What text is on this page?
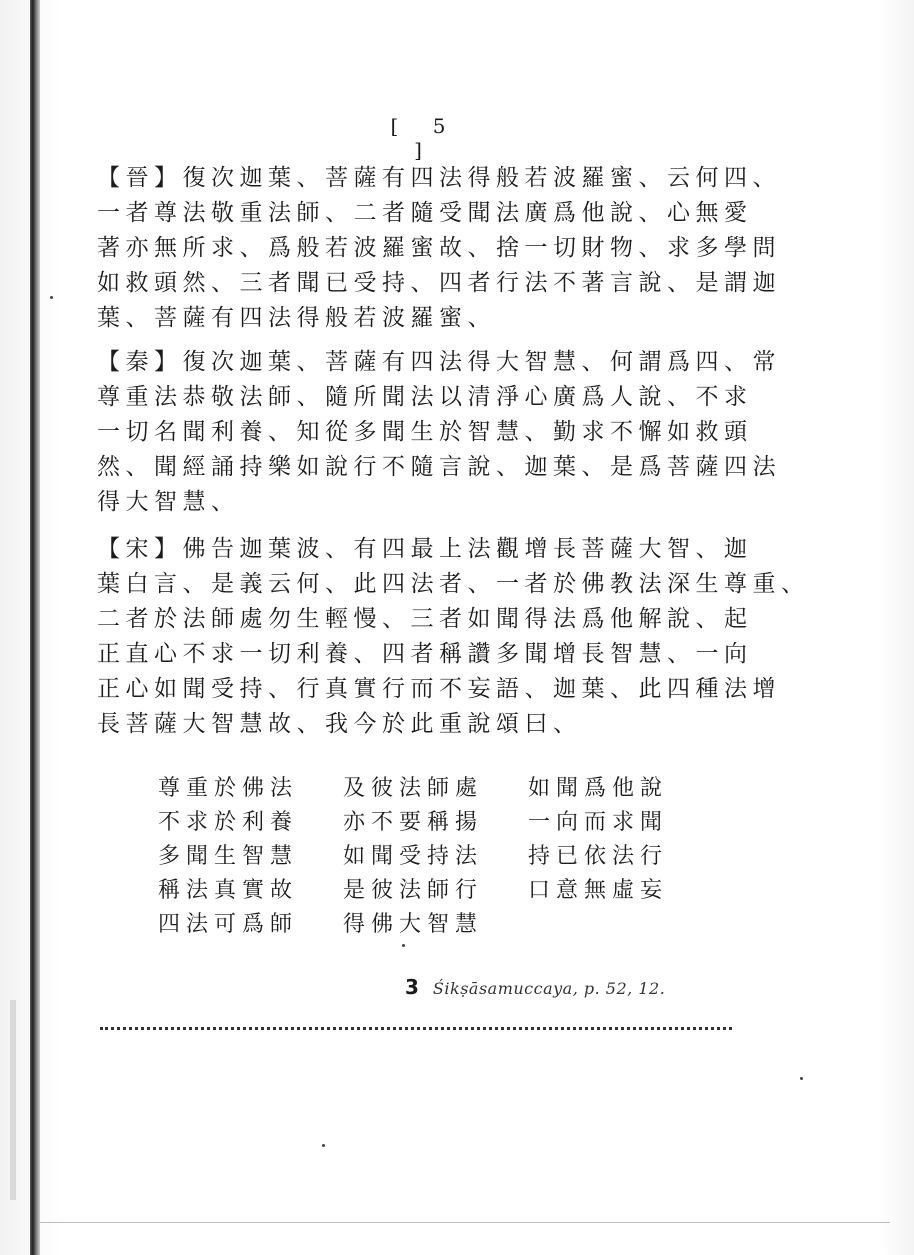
[ 5 ]
【晉】復次迦葉、菩薩有四法得般若波羅蜜、云何四、
一者尊法敬重法師、二者隨受聞法廣爲他說、心無愛
著亦無所求、爲般若波羅蜜故、捨一切財物、求多學問
如救頭然、三者聞已受持、四者行法不著言說、是謂迦
葉、菩薩有四法得般若波羅蜜、
【秦】復次迦葉、菩薩有四法得大智慧、何謂爲四、常
尊重法恭敬法師、隨所聞法以清淨心廣爲人說、不求
一切名聞利養、知從多聞生於智慧、勤求不懈如救頭
然、聞經誦持樂如說行不隨言說、迦葉、是爲菩薩四法
得大智慧、
【宋】佛告迦葉波、有四最上法觀增長菩薩大智、迦
葉白言、是義云何、此四法者、一者於佛教法深生尊重、
二者於法師處勿生輕慢、三者如聞得法爲他解說、起
正直心不求一切利養、四者稱讚多聞增長智慧、一向
正心如聞受持、行真實行而不妄語、迦葉、此四種法增
長菩薩大智慧故、我今於此重說頌曰、
尊重於佛法	及彼法師處	如聞爲他說
不求於利養	亦不要稱揚	一向而求聞
多聞生智慧	如聞受持法	持已依法行
稱法真實故	是彼法師行	口意無虛妄
四法可爲師	得佛大智慧
3 Śikṣāsamuccaya, p. 52, 12.
